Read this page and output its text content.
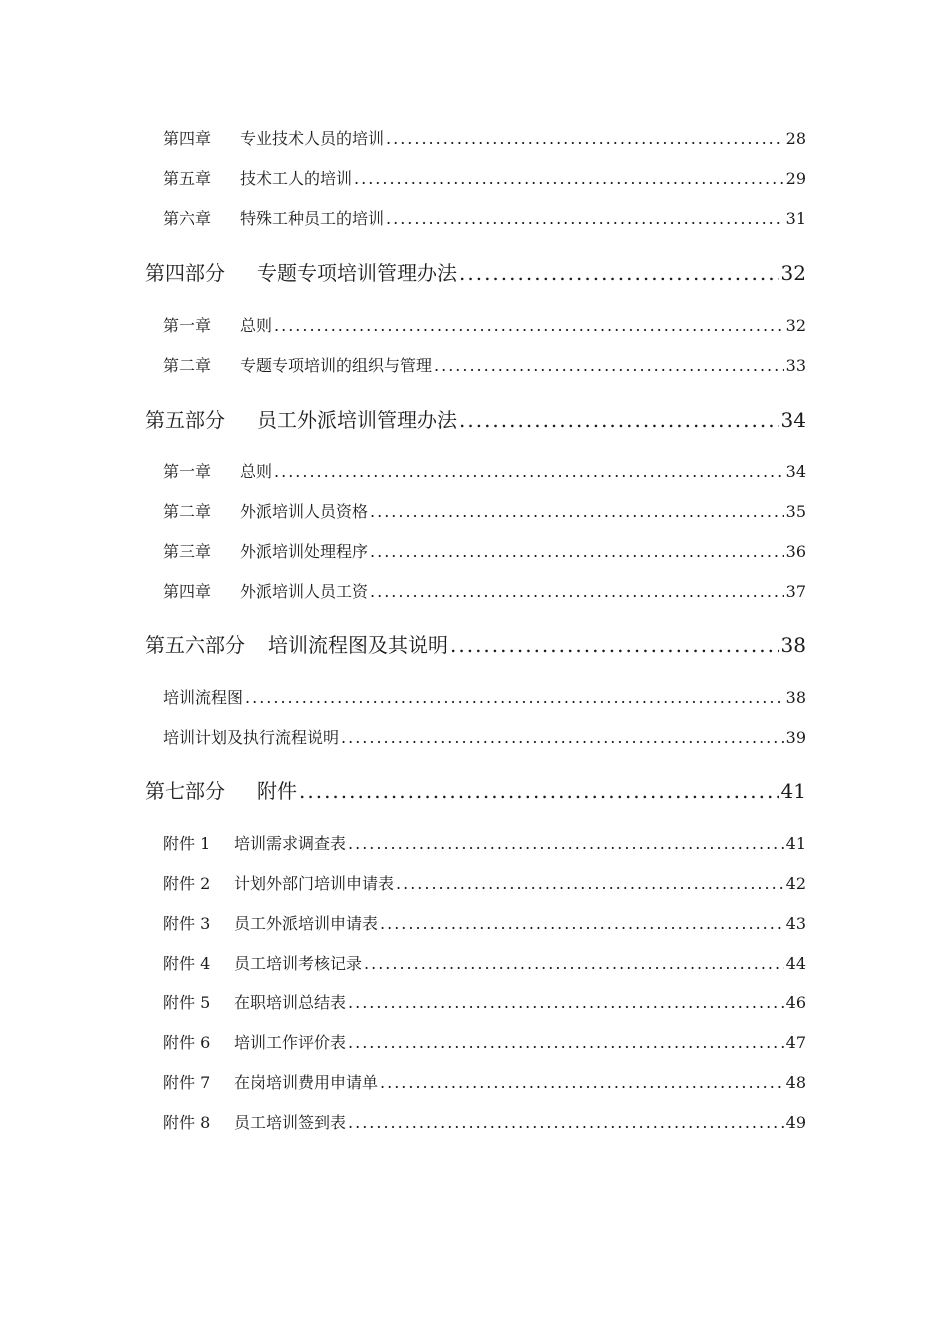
第四章 专业技术人员的培训 .....	28
第五章 技术工人的培训 .....	29
第六章 特殊工种员工的培训 .....	31
第四部分 专题专项培训管理办法 .....	32
第一章 总则 .....	32
第二章 专题专项培训的组织与管理 .....	33
第五部分 员工外派培训管理办法 .....	34
第一章 总则 .....	34
第二章 外派培训人员资格 .....	35
第三章 外派培训处理程序 .....	36
第四章 外派培训人员工资 .....	37
第五六部分 培训流程图及其说明 .....	38
培训流程图 .....	38
培训计划及执行流程说明 .....	39
第七部分 附件 .....	41
附件 1 培训需求调查表 .....	41
附件 2 计划外部门培训申请表 .....	42
附件 3 员工外派培训申请表 .....	43
附件 4 员工培训考核记录 .....	44
附件 5 在职培训总结表 .....	46
附件 6 培训工作评价表 .....	47
附件 7 在岗培训费用申请单 .....	48
附件 8 员工培训签到表 .....	49
